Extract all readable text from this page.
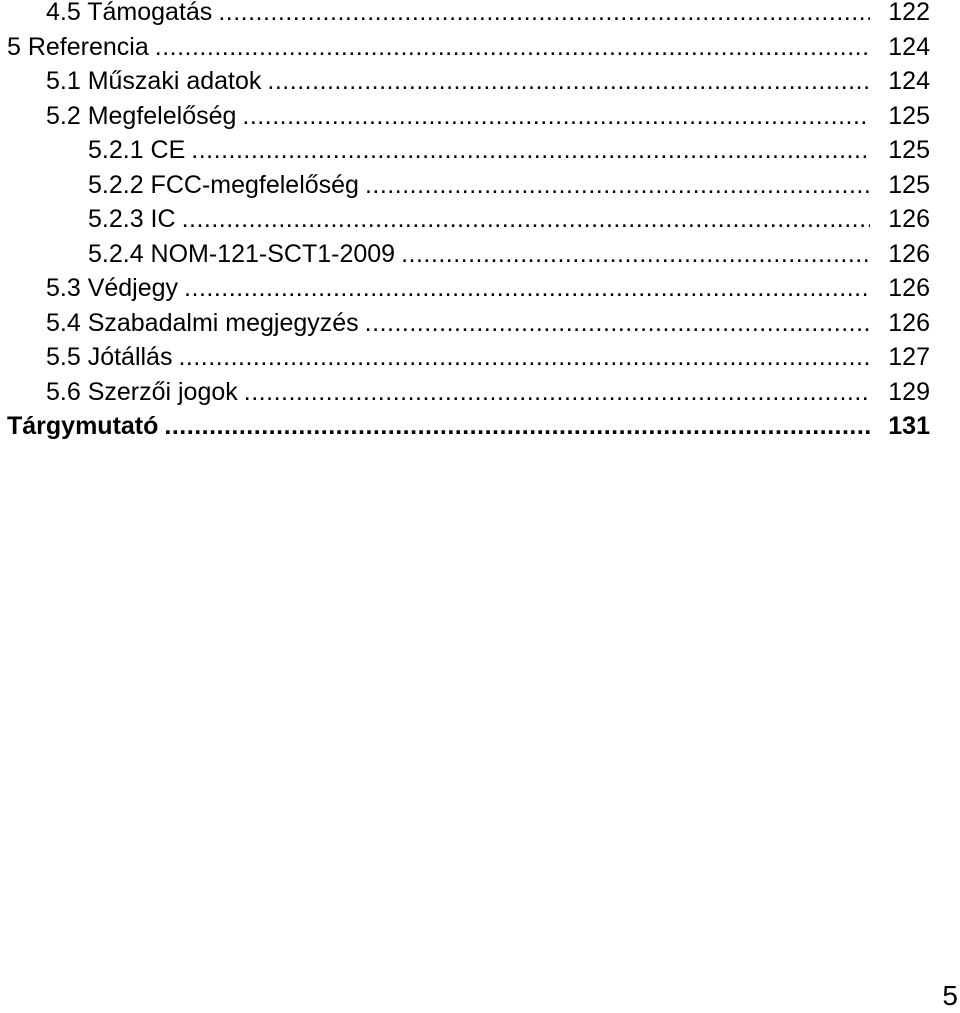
4.5 Támogatás .....	122
5 Referencia .....	124
5.1 Műszaki adatok .....	124
5.2 Megfelelőség .....	125
5.2.1 CE .....	125
5.2.2 FCC-megfelelőség .....	125
5.2.3 IC .....	126
5.2.4 NOM-121-SCT1-2009 .....	126
5.3 Védjegy .....	126
5.4 Szabadalmi megjegyzés .....	126
5.5 Jótállás .....	127
5.6 Szerzői jogok .....	129
Tárgymutató .....	131
5
